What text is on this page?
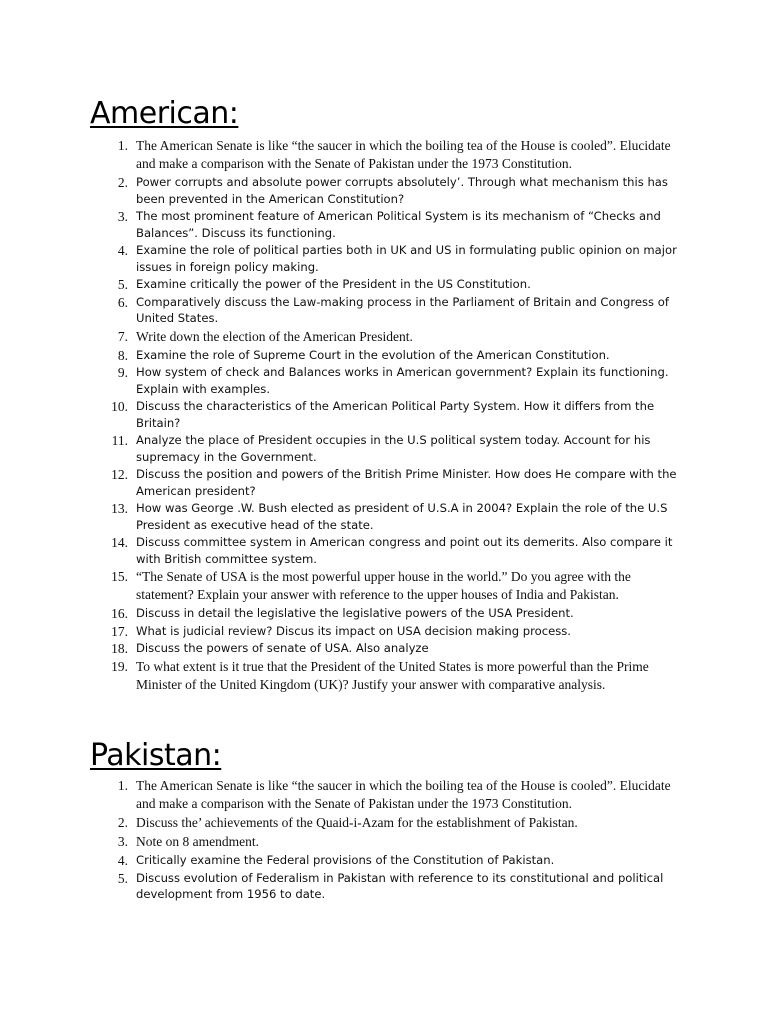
American:
1. The American Senate is like “the saucer in which the boiling tea of the House is cooled”. Elucidate and make a comparison with the Senate of Pakistan under the 1973 Constitution.
2. Power corrupts and absolute power corrupts absolutely’. Through what mechanism this has been prevented in the American Constitution?
3. The most prominent feature of American Political System is its mechanism of “Checks and Balances”. Discuss its functioning.
4. Examine the role of political parties both in UK and US in formulating public opinion on major issues in foreign policy making.
5. Examine critically the power of the President in the US Constitution.
6. Comparatively discuss the Law-making process in the Parliament of Britain and Congress of United States.
7. Write down the election of the American President.
8. Examine the role of Supreme Court in the evolution of the American Constitution.
9. How system of check and Balances works in American government? Explain its functioning. Explain with examples.
10. Discuss the characteristics of the American Political Party System. How it differs from the Britain?
11. Analyze the place of President occupies in the U.S political system today. Account for his supremacy in the Government.
12. Discuss the position and powers of the British Prime Minister. How does He compare with the American president?
13. How was George .W. Bush elected as president of U.S.A in 2004? Explain the role of the U.S President as executive head of the state.
14. Discuss committee system in American congress and point out its demerits. Also compare it with British committee system.
15. “The Senate of USA is the most powerful upper house in the world.” Do you agree with the statement? Explain your answer with reference to the upper houses of India and Pakistan.
16. Discuss in detail the legislative the legislative powers of the USA President.
17. What is judicial review? Discus its impact on USA decision making process.
18. Discuss the powers of senate of USA. Also analyze
19. To what extent is it true that the President of the United States is more powerful than the Prime Minister of the United Kingdom (UK)? Justify your answer with comparative analysis.
Pakistan:
1. The American Senate is like “the saucer in which the boiling tea of the House is cooled”. Elucidate and make a comparison with the Senate of Pakistan under the 1973 Constitution.
2. Discuss the’ achievements of the Quaid-i-Azam for the establishment of Pakistan.
3. Note on 8 amendment.
4. Critically examine the Federal provisions of the Constitution of Pakistan.
5. Discuss evolution of Federalism in Pakistan with reference to its constitutional and political development from 1956 to date.
